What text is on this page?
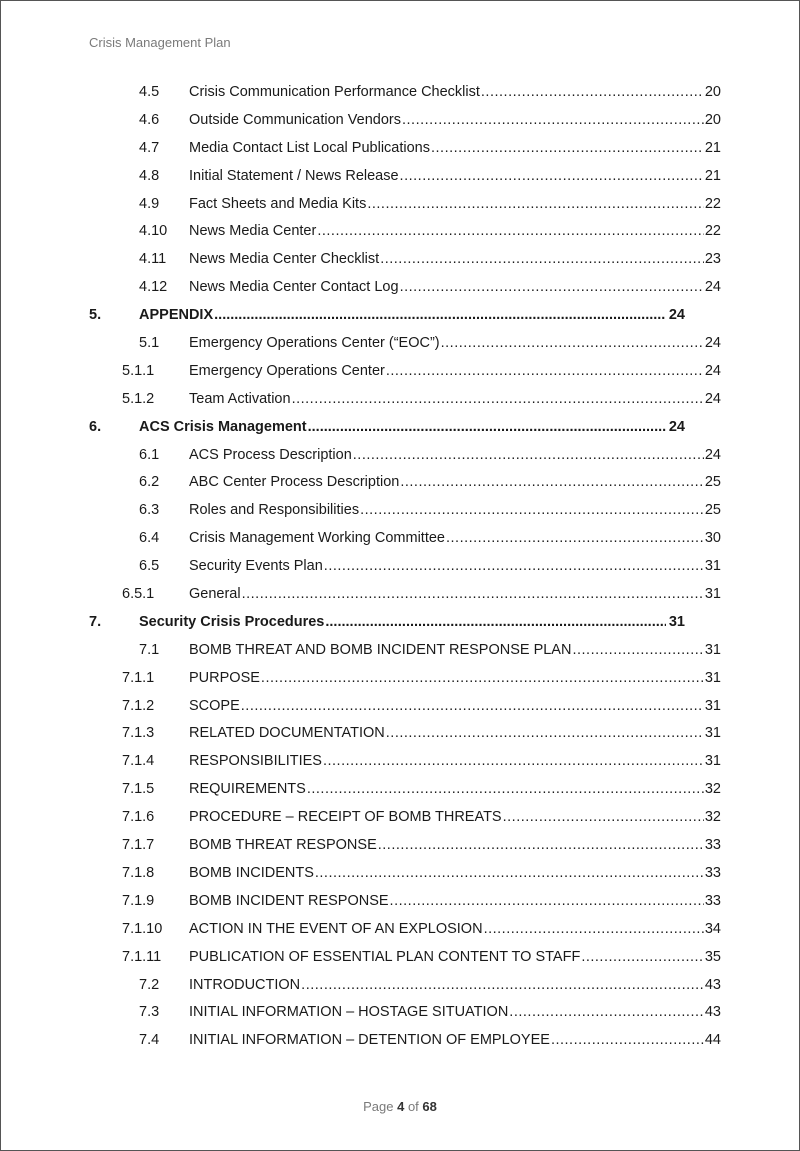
Crisis Management Plan
4.5 Crisis Communication Performance Checklist .....	20
4.6 Outside Communication Vendors .....	20
4.7 Media Contact List Local Publications .....	21
4.8 Initial Statement / News Release .....	21
4.9 Fact Sheets and Media Kits .....	22
4.10 News Media Center .....	22
4.11 News Media Center Checklist .....	23
4.12 News Media Center Contact Log .....	24
5.	APPENDIX .....	24
5.1 Emergency Operations Center (“EOC”) .....	24
5.1.1 Emergency Operations Center .....	24
5.1.2 Team Activation .....	24
6.	ACS Crisis Management .....	24
6.1 ACS Process Description .....	24
6.2 ABC Center Process Description .....	25
6.3 Roles and Responsibilities .....	25
6.4 Crisis Management Working Committee .....	30
6.5 Security Events Plan .....	31
6.5.1 General .....	31
7.	Security Crisis Procedures .....	31
7.1 BOMB THREAT AND BOMB INCIDENT RESPONSE PLAN .....	31
7.1.1 PURPOSE .....	31
7.1.2 SCOPE .....	31
7.1.3 RELATED DOCUMENTATION .....	31
7.1.4 RESPONSIBILITIES .....	31
7.1.5 REQUIREMENTS .....	32
7.1.6 PROCEDURE – RECEIPT OF BOMB THREATS .....	32
7.1.7 BOMB THREAT RESPONSE .....	33
7.1.8 BOMB INCIDENTS .....	33
7.1.9 BOMB INCIDENT RESPONSE .....	33
7.1.10 ACTION IN THE EVENT OF AN EXPLOSION .....	34
7.1.11 PUBLICATION OF ESSENTIAL PLAN CONTENT TO STAFF .....	35
7.2 INTRODUCTION .....	43
7.3 INITIAL INFORMATION – HOSTAGE SITUATION .....	43
7.4 INITIAL INFORMATION – DETENTION OF EMPLOYEE .....	44
Page 4 of 68
